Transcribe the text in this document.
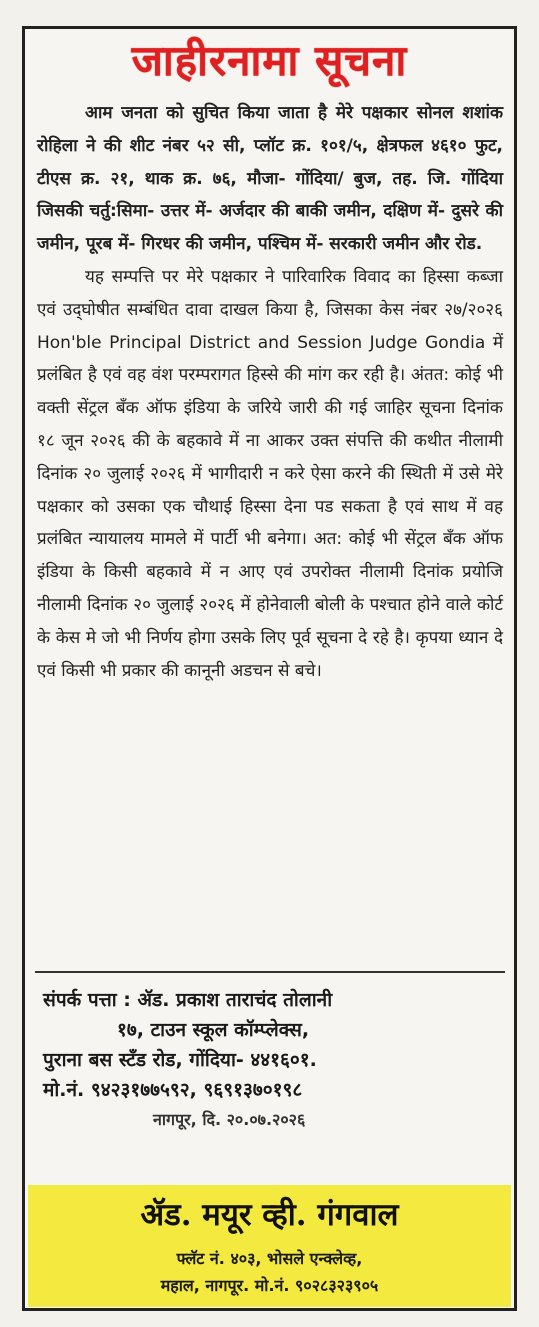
जाहीरनामा सूचना

आम जनता को सुचित किया जाता है मेरे पक्षकार सोनल शशांक रोहिला ने की शीट नंबर ५२ सी, प्लॉट क्र. १०१/५, क्षेत्रफल ४६१० फुट, टीएस क्र. २१, थाक क्र. ७६, मौजा- गोंदिया/ बुज, तह. जि. गोंदिया जिसकी चर्तु:सिमा- उत्तर में- अर्जदार की बाकी जमीन, दक्षिण में- दुसरे की जमीन, पूरब में- गिरधर की जमीन, पश्चिम में- सरकारी जमीन और रोड.

यह सम्पत्ति पर मेरे पक्षकार ने पारिवारिक विवाद का हिस्सा कब्जा एवं उद्‌घोषीत सम्बंधित दावा दाखल किया है, जिसका केस नंबर २७/२०२६ Hon'ble Principal District and Session Judge Gondia में प्रलंबित है एवं वह वंश परम्परागत हिस्से की मांग कर रही है। अंतत: कोई भी वक्ती सेंट्रल बँक ऑफ इंडिया के जरिये जारी की गई जाहिर सूचना दिनांक १८ जून २०२६ की के बहकावे में ना आकर उक्त संपत्ति की कथीत नीलामी दिनांक २० जुलाई २०२६ में भागीदारी न करे ऐसा करने की स्थिती में उसे मेरे पक्षकार को उसका एक चौथाई हिस्सा देना पड सकता है एवं साथ में वह प्रलंबित न्यायालय मामले में पार्टी भी बनेगा। अत: कोई भी सेंट्रल बँक ऑफ इंडिया के किसी बहकावे में न आए एवं उपरोक्त नीलामी दिनांक प्रयोजि नीलामी दिनांक २० जुलाई २०२६ में होनेवाली बोली के पश्चात होने वाले कोर्ट के केस मे जो भी निर्णय होगा उसके लिए पूर्व सूचना दे रहे है। कृपया ध्यान दे एवं किसी भी प्रकार की कानूनी अडचन से बचे।

संपर्क पत्ता : ॲड. प्रकाश ताराचंद तोलानी
१७, टाउन स्कूल कॉम्प्लेक्स,
पुराना बस स्टँड रोड, गोंदिया- ४४१६०१.
मो.नं. ९४२३१७७५९२, ९६९१३७०१९८
नागपूर, दि. २०.०७.२०२६
ॲड. मयूर व्ही. गंगवाल
फ्लॅट नं. ४०३, भोसले एन्क्लेव्ह,
महाल, नागपूर. मो.नं. ९०२८३२३९०५
